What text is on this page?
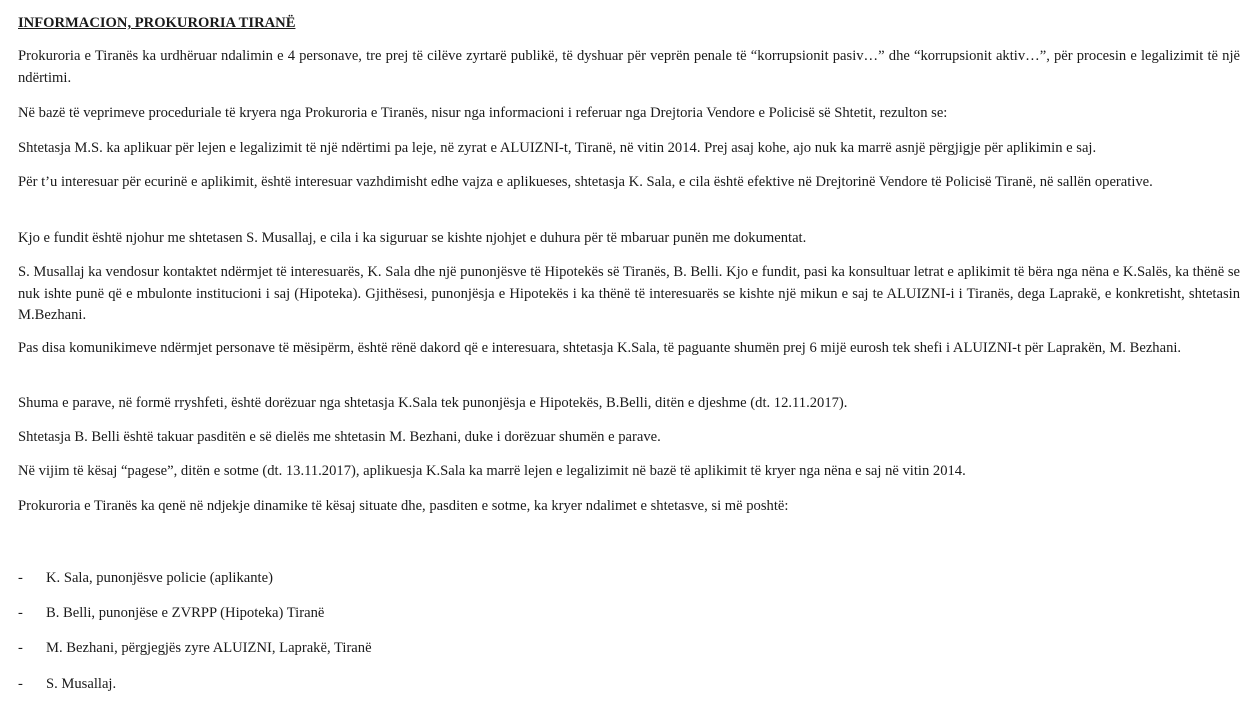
INFORMACION, PROKURORIA TIRANË

Prokuroria e Tiranës ka urdhëruar ndalimin e 4 personave, tre prej të cilëve zyrtarë publikë, të dyshuar për veprën penale të “korrupsionit pasiv…” dhe “korrupsionit aktiv…”, për procesin e legalizimit të një ndërtimi.

Në bazë të veprimeve proceduriale të kryera nga Prokuroria e Tiranës, nisur nga informacioni i referuar nga Drejtoria Vendore e Policisë së Shtetit, rezulton se:

Shtetasja M.S. ka aplikuar për lejen e legalizimit të një ndërtimi pa leje, në zyrat e ALUIZNI-t, Tiranë, në vitin 2014. Prej asaj kohe, ajo nuk ka marrë asnjë përgjigje për aplikimin e saj.

Për t’u interesuar për ecurinë e aplikimit, është interesuar vazhdimisht edhe vajza e aplikueses, shtetasja K. Sala, e cila është efektive në Drejtorinë Vendore të Policisë Tiranë, në sallën operative.

Kjo e fundit është njohur me shtetasen S. Musallaj, e cila i ka siguruar se kishte njohjet e duhura për të mbaruar punën me dokumentat.

S. Musallaj ka vendosur kontaktet ndërmjet të interesuarës, K. Sala dhe një punonjësve të Hipotekës së Tiranës, B. Belli. Kjo e fundit, pasi ka konsultuar letrat e aplikimit të bëra nga nëna e K.Salës, ka thënë se nuk ishte punë që e mbulonte institucioni i saj (Hipoteka). Gjithësesi, punonjësja e Hipotekës i ka thënë të interesuarës se kishte një mikun e saj te ALUIZNI-i i Tiranës, dega Laprakë, e konkretisht, shtetasin M.Bezhani.

Pas disa komunikimeve ndërmjet personave të mësipërm, është rënë dakord që e interesuara, shtetasja K.Sala, të paguante shumën prej 6 mijë eurosh tek shefi i ALUIZNI-t për Laprakën, M. Bezhani.

Shuma e parave, në formë rryshfeti, është dorëzuar nga shtetasja K.Sala tek punonjësja e Hipotekës, B.Belli, ditën e djeshme (dt. 12.11.2017).

Shtetasja B. Belli është takuar pasditën e së dielës me shtetasin M. Bezhani, duke i dorëzuar shumën e parave.

Në vijim të kësaj “pagese”, ditën e sotme (dt. 13.11.2017), aplikuesja K.Sala ka marrë lejen e legalizimit në bazë të aplikimit të kryer nga nëna e saj në vitin 2014.

Prokuroria e Tiranës ka qenë në ndjekje dinamike të kësaj situate dhe, pasditen e sotme, ka kryer ndalimet e shtetasve, si më poshtë:

- K. Sala, punonjësve policie (aplikante)

- B. Belli, punonjëse e ZVRPP (Hipoteka) Tiranë

- M. Bezhani, përgjegjës zyre ALUIZNI, Laprakë, Tiranë

- S. Musallaj.
